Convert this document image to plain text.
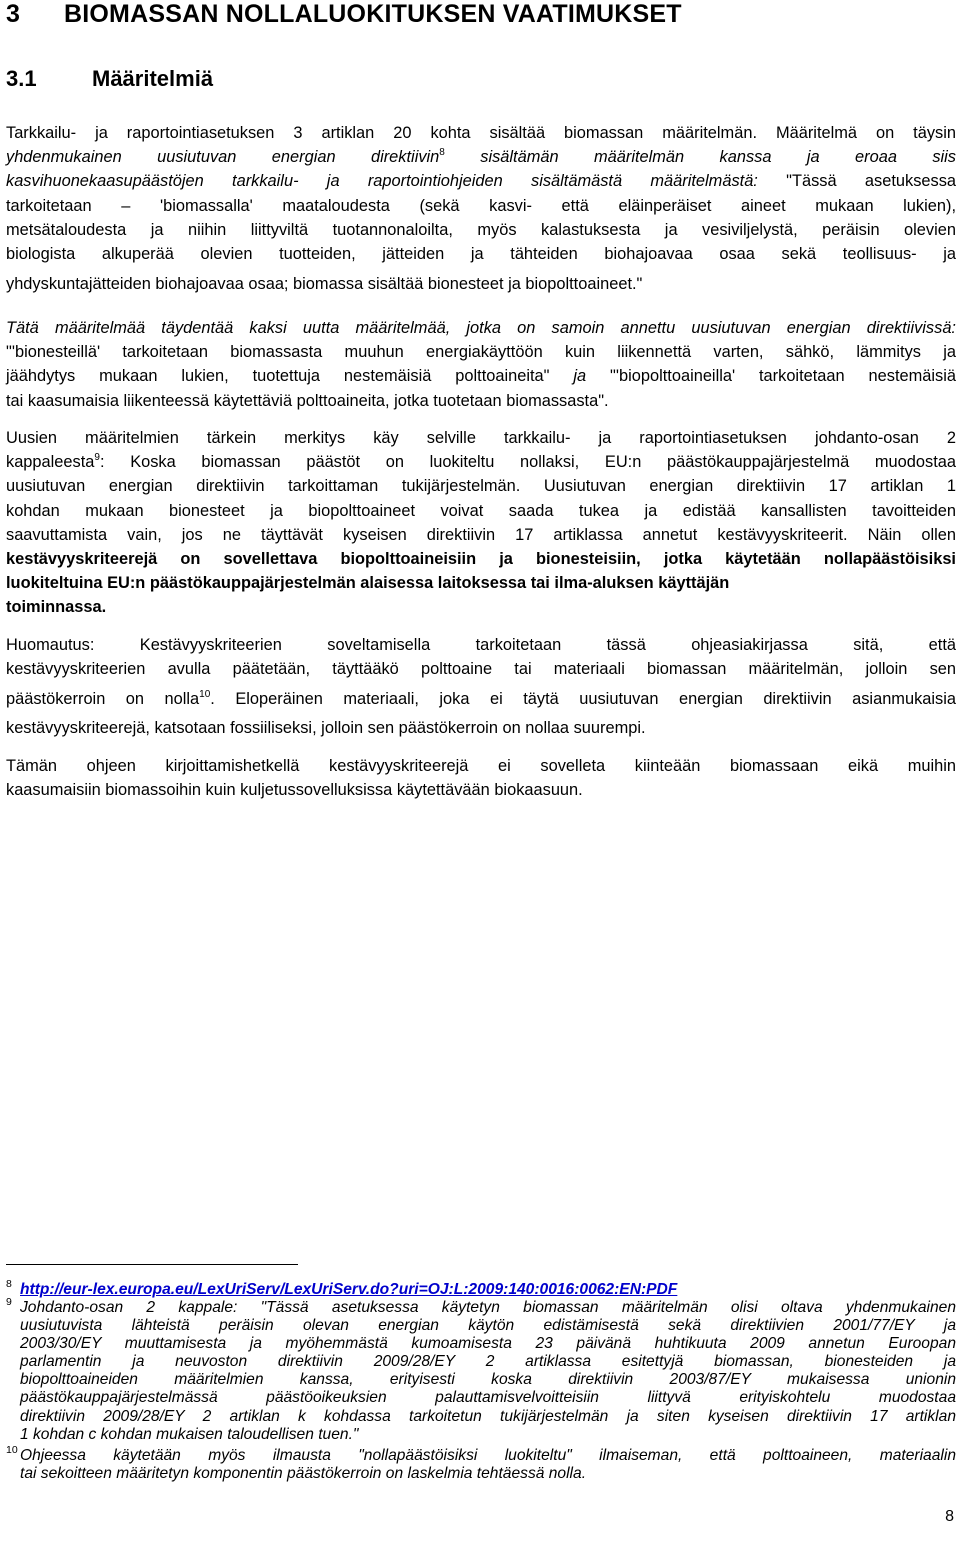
3 BIOMASSAN NOLLALUOKITUKSEN VAATIMUKSET
3.1	Määritelmiä
Tarkkailu- ja raportointiasetuksen 3 artiklan 20 kohta sisältää biomassan määritelmän. Määritelmä on täysin
yhdenmukainen uusiutuvan energian direktiivin$^8$ sisältämän määritelmän kanssa ja eroaa siis
kasvihuonekaasupäästöjen tarkkailu- ja raportointiohjeiden sisältämästä määritelmästä: "Tässä asetuksessa
tarkoitetaan – 'biomassalla' maataloudesta (sekä kasvi- että eläinperäiset aineet mukaan lukien),
metsätaloudesta ja niihin liittyviltä tuotannonaloilta, myös kalastuksesta ja vesiviljelystä, peräisin olevien
biologista alkuperää olevien tuotteiden, jätteiden ja tähteiden biohajoavaa osaa sekä teollisuus- ja
yhdyskuntajätteiden biohajoavaa osaa; biomassa sisältää bionesteet ja biopolttoaineet."
Tätä määritelmää täydentää kaksi uutta määritelmää, jotka on samoin annettu uusiutuvan energian direktiivissä:
"'bionesteillä' tarkoitetaan biomassasta muuhun energiakäyttöön kuin liikennettä varten, sähkö, lämmitys ja
jäähdytys mukaan lukien, tuotettuja nestemäisiä polttoaineita" ja "'biopolttoaineilla' tarkoitetaan nestemäisiä
tai kaasumaisia liikenteessä käytettäviä polttoaineita, jotka tuotetaan biomassasta".
Uusien määritelmien tärkein merkitys käy selville tarkkailu- ja raportointiasetuksen johdanto-osan 2
kappaleesta$^9$: Koska biomassan päästöt on luokiteltu nollaksi, EU:n päästökauppajärjestelmä muodostaa
uusiutuvan energian direktiivin tarkoittaman tukijärjestelmän. Uusiutuvan energian direktiivin 17 artiklan 1
kohdan mukaan bionesteet ja biopolttoaineet voivat saada tukea ja edistää kansallisten tavoitteiden
saavuttamista vain, jos ne täyttävät kyseisen direktiivin 17 artiklassa annetut kestävyyskriteerit. Näin ollen
kestävyyskriteerejä on sovellettava biopolttoaineisiin ja bionesteisiin, jotka käytetään nollapäästöisiksi
luokiteltuina EU:n päästökauppajärjestelmän alaisessa laitoksessa tai ilma-aluksen käyttäjän
toiminnassa.
Huomautus: Kestävyyskriteerien soveltamisella tarkoitetaan tässä ohjeasiakirjassa sitä, että
kestävyyskriteerien avulla päätetään, täyttääkö polttoaine tai materiaali biomassan määritelmän, jolloin sen
päästökerroin on nolla$^{10}$. Eloperäinen materiaali, joka ei täytä uusiutuvan energian direktiivin asianmukaisia
kestävyyskriteerejä, katsotaan fossiiliseksi, jolloin sen päästökerroin on nollaa suurempi.
Tämän ohjeen kirjoittamishetkellä kestävyyskriteerejä ei sovelleta kiinteään biomassaan eikä muihin
kaasumaisiin biomassoihin kuin kuljetussovelluksissa käytettävään biokaasuun.
8 http://eur-lex.europa.eu/LexUriServ/LexUriServ.do?uri=OJ:L:2009:140:0016:0062:EN:PDF
9 Johdanto-osan 2 kappale: "Tässä asetuksessa käytetyn biomassan määritelmän olisi oltava yhdenmukainen
uusiutuvista lähteistä peräisin olevan energian käytön edistämisestä sekä direktiivien 2001/77/EY ja
2003/30/EY muuttamisesta ja myöhemmästä kumoamisesta 23 päivänä huhtikuuta 2009 annetun Euroopan
parlamentin ja neuvoston direktiivin 2009/28/EY 2 artiklassa esitettyjä biomassan, bionesteiden ja
biopolttoaineiden määritelmien kanssa, erityisesti koska direktiivin 2003/87/EY mukaisessa unionin
päästökauppajärjestelmässä päästöoikeuksien palauttamisvelvoitteisiin liittyvä erityiskohtelu muodostaa
direktiivin 2009/28/EY 2 artiklan k kohdassa tarkoitetun tukijärjestelmän ja siten kyseisen direktiivin 17 artiklan
1 kohdan c kohdan mukaisen taloudellisen tuen."
10 Ohjeessa käytetään myös ilmausta "nollapäästöisiksi luokiteltu" ilmaiseman, että polttoaineen, materiaalin
tai sekoitteen määritetyn komponentin päästökerroin on laskelmia tehtäessä nolla.
8
